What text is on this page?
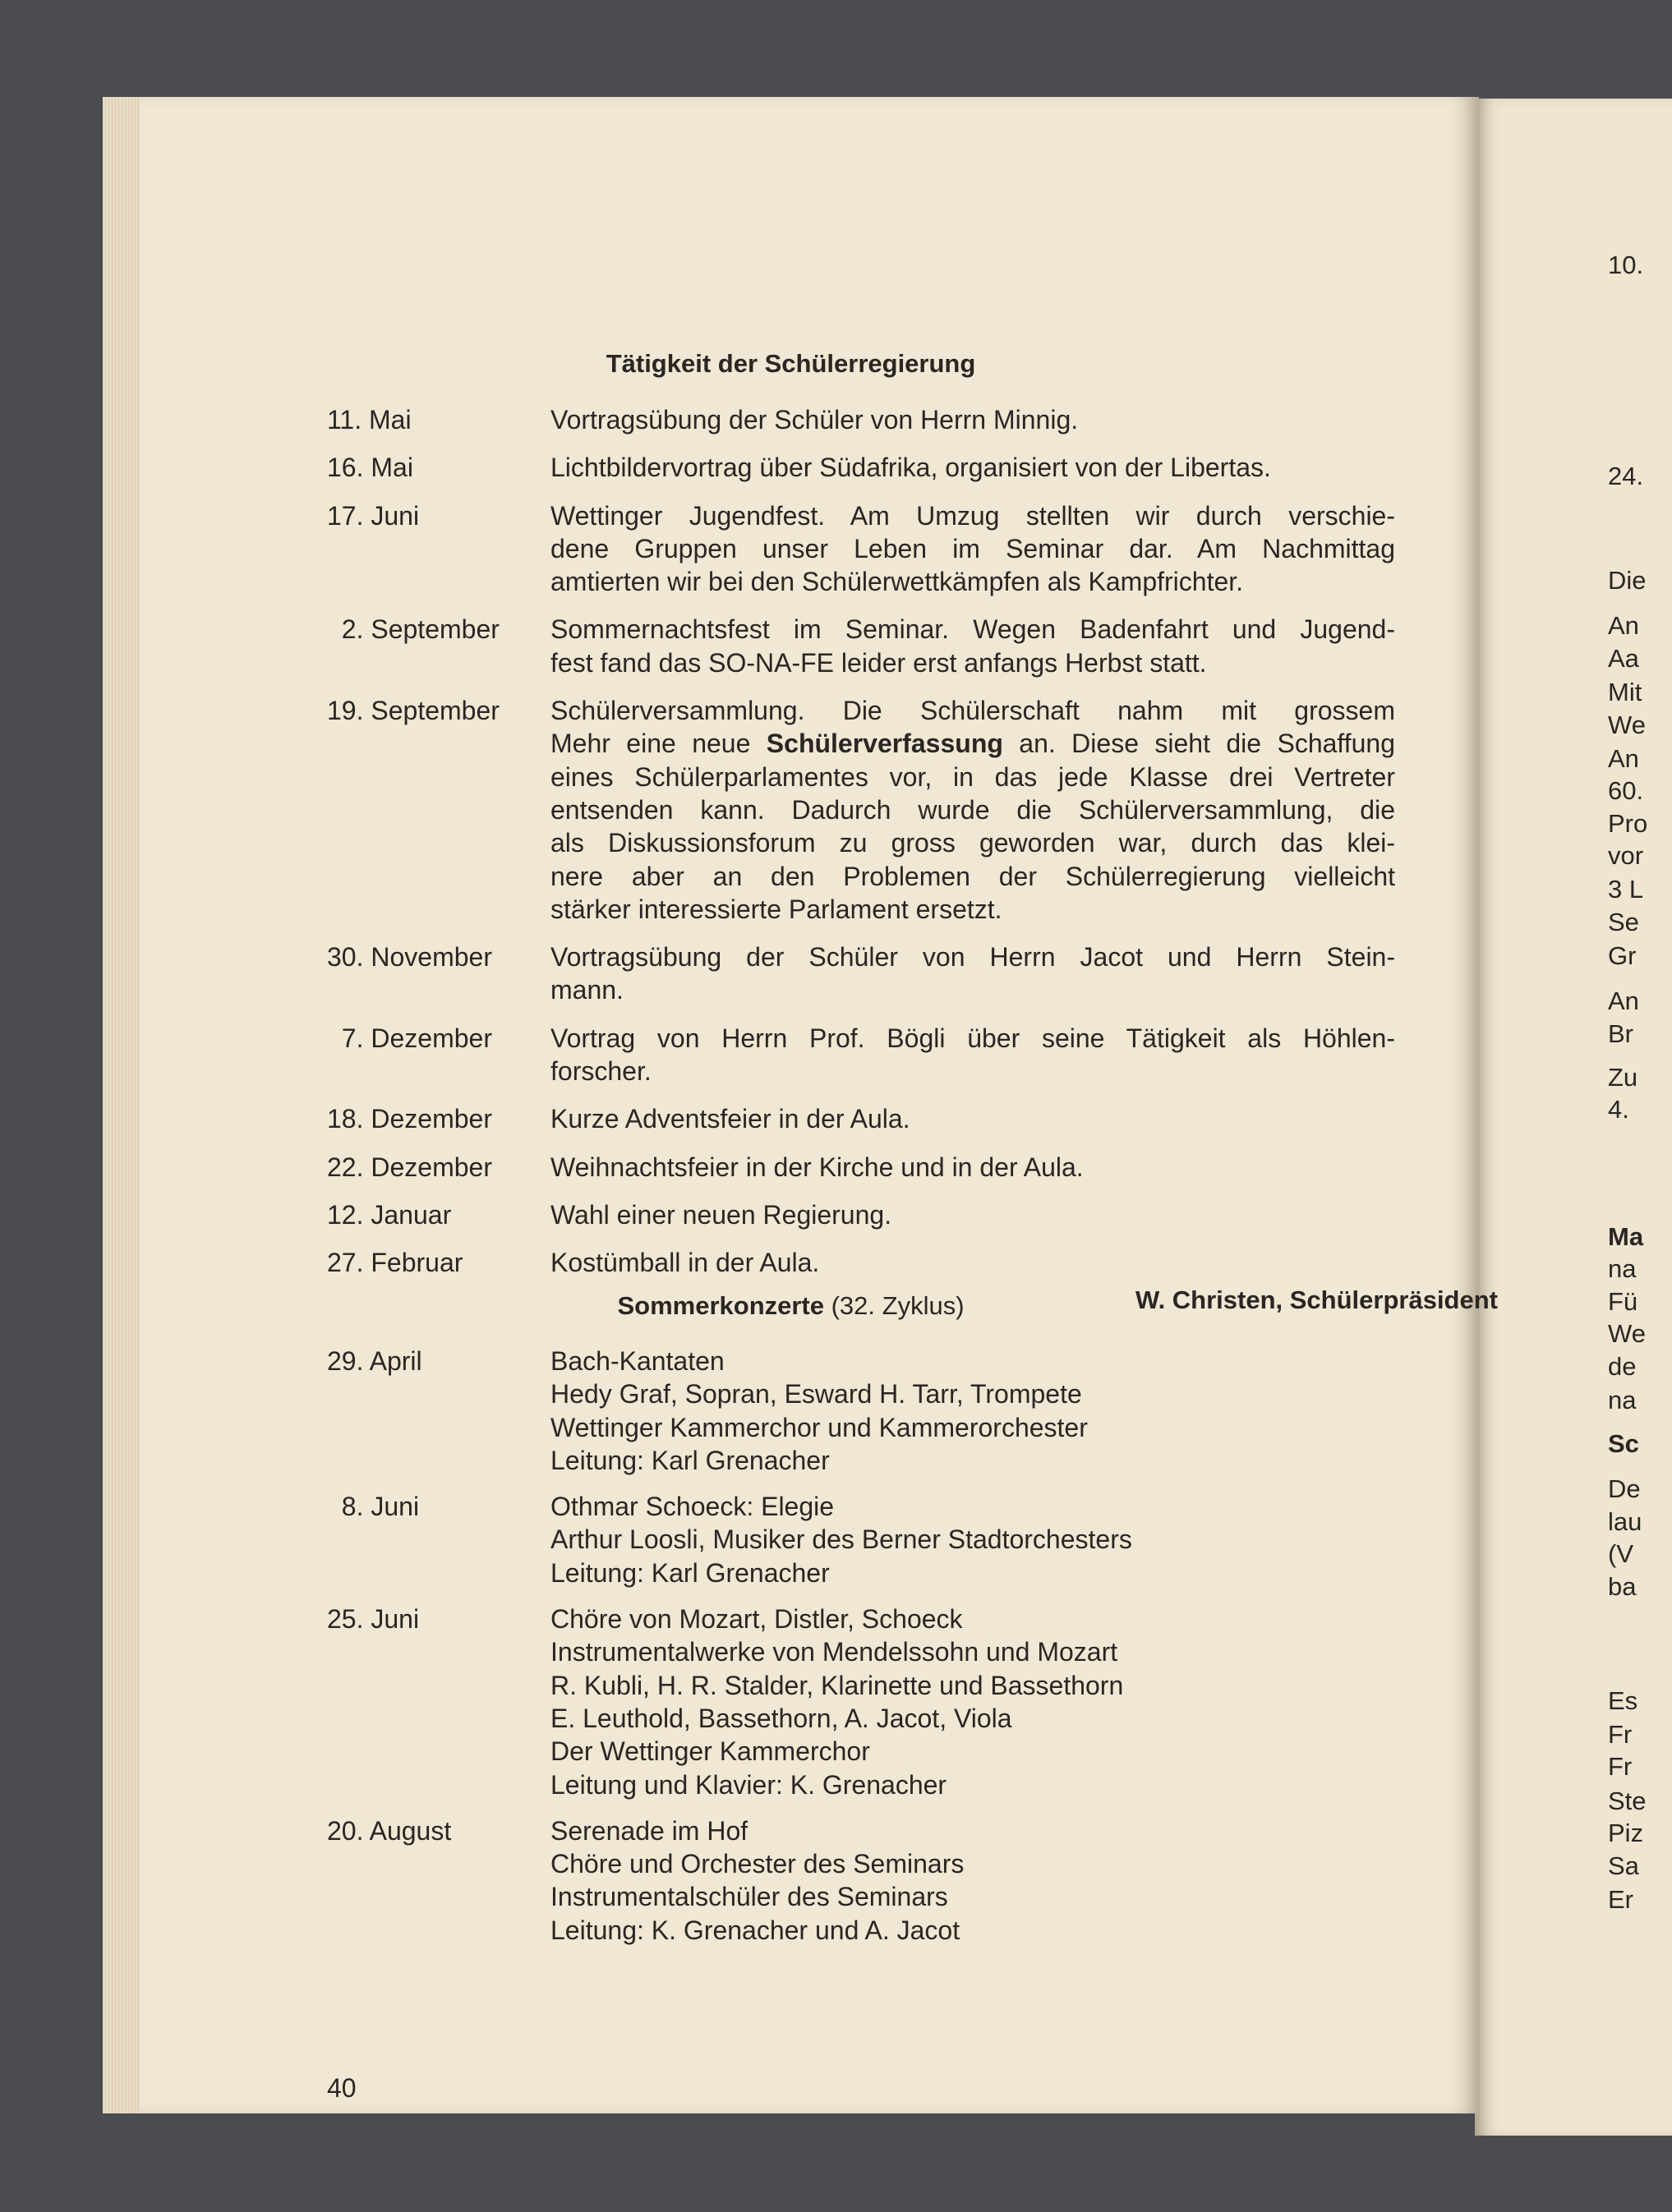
10.
24.
Die
An
Aa
Mit
We
An
60.
Pro
vor
3 L
Se
Gr
An
Br
Zu
4.
Ma
na
Fü
We
de
na
Sc
De
lau
(V
ba
Es
Fr
Fr
Ste
Piz
Sa
Er
Tätigkeit der Schülerregierung
11. Mai	Vortragsübung der Schüler von Herrn Minnig.
16. Mai	Lichtbildervortrag über Südafrika, organisiert von der Libertas.
17. Juni	Wettinger Jugendfest. Am Umzug stellten wir durch verschie-
dene Gruppen unser Leben im Seminar dar. Am Nachmittag
amtierten wir bei den Schülerwettkämpfen als Kampfrichter.
2. September	Sommernachtsfest im Seminar. Wegen Badenfahrt und Jugend-
fest fand das SO-NA-FE leider erst anfangs Herbst statt.
19. September	Schülerversammlung. Die Schülerschaft nahm mit grossem
Mehr eine neue Schülerverfassung an. Diese sieht die Schaffung
eines Schülerparlamentes vor, in das jede Klasse drei Vertreter
entsenden kann. Dadurch wurde die Schülerversammlung, die
als Diskussionsforum zu gross geworden war, durch das klei-
nere aber an den Problemen der Schülerregierung vielleicht
stärker interessierte Parlament ersetzt.
30. November	Vortragsübung der Schüler von Herrn Jacot und Herrn Stein-
mann.
7. Dezember	Vortrag von Herrn Prof. Bögli über seine Tätigkeit als Höhlen-
forscher.
18. Dezember	Kurze Adventsfeier in der Aula.
22. Dezember	Weihnachtsfeier in der Kirche und in der Aula.
12. Januar	Wahl einer neuen Regierung.
27. Februar	Kostümball in der Aula.
W. Christen, Schülerpräsident
Sommerkonzerte (32. Zyklus)
29. April	Bach-Kantaten
Hedy Graf, Sopran, Esward H. Tarr, Trompete
Wettinger Kammerchor und Kammerorchester
Leitung: Karl Grenacher
8. Juni	Othmar Schoeck: Elegie
Arthur Loosli, Musiker des Berner Stadtorchesters
Leitung: Karl Grenacher
25. Juni	Chöre von Mozart, Distler, Schoeck
Instrumentalwerke von Mendelssohn und Mozart
R. Kubli, H. R. Stalder, Klarinette und Bassethorn
E. Leuthold, Bassethorn, A. Jacot, Viola
Der Wettinger Kammerchor
Leitung und Klavier: K. Grenacher
20. August	Serenade im Hof
Chöre und Orchester des Seminars
Instrumentalschüler des Seminars
Leitung: K. Grenacher und A. Jacot
40
